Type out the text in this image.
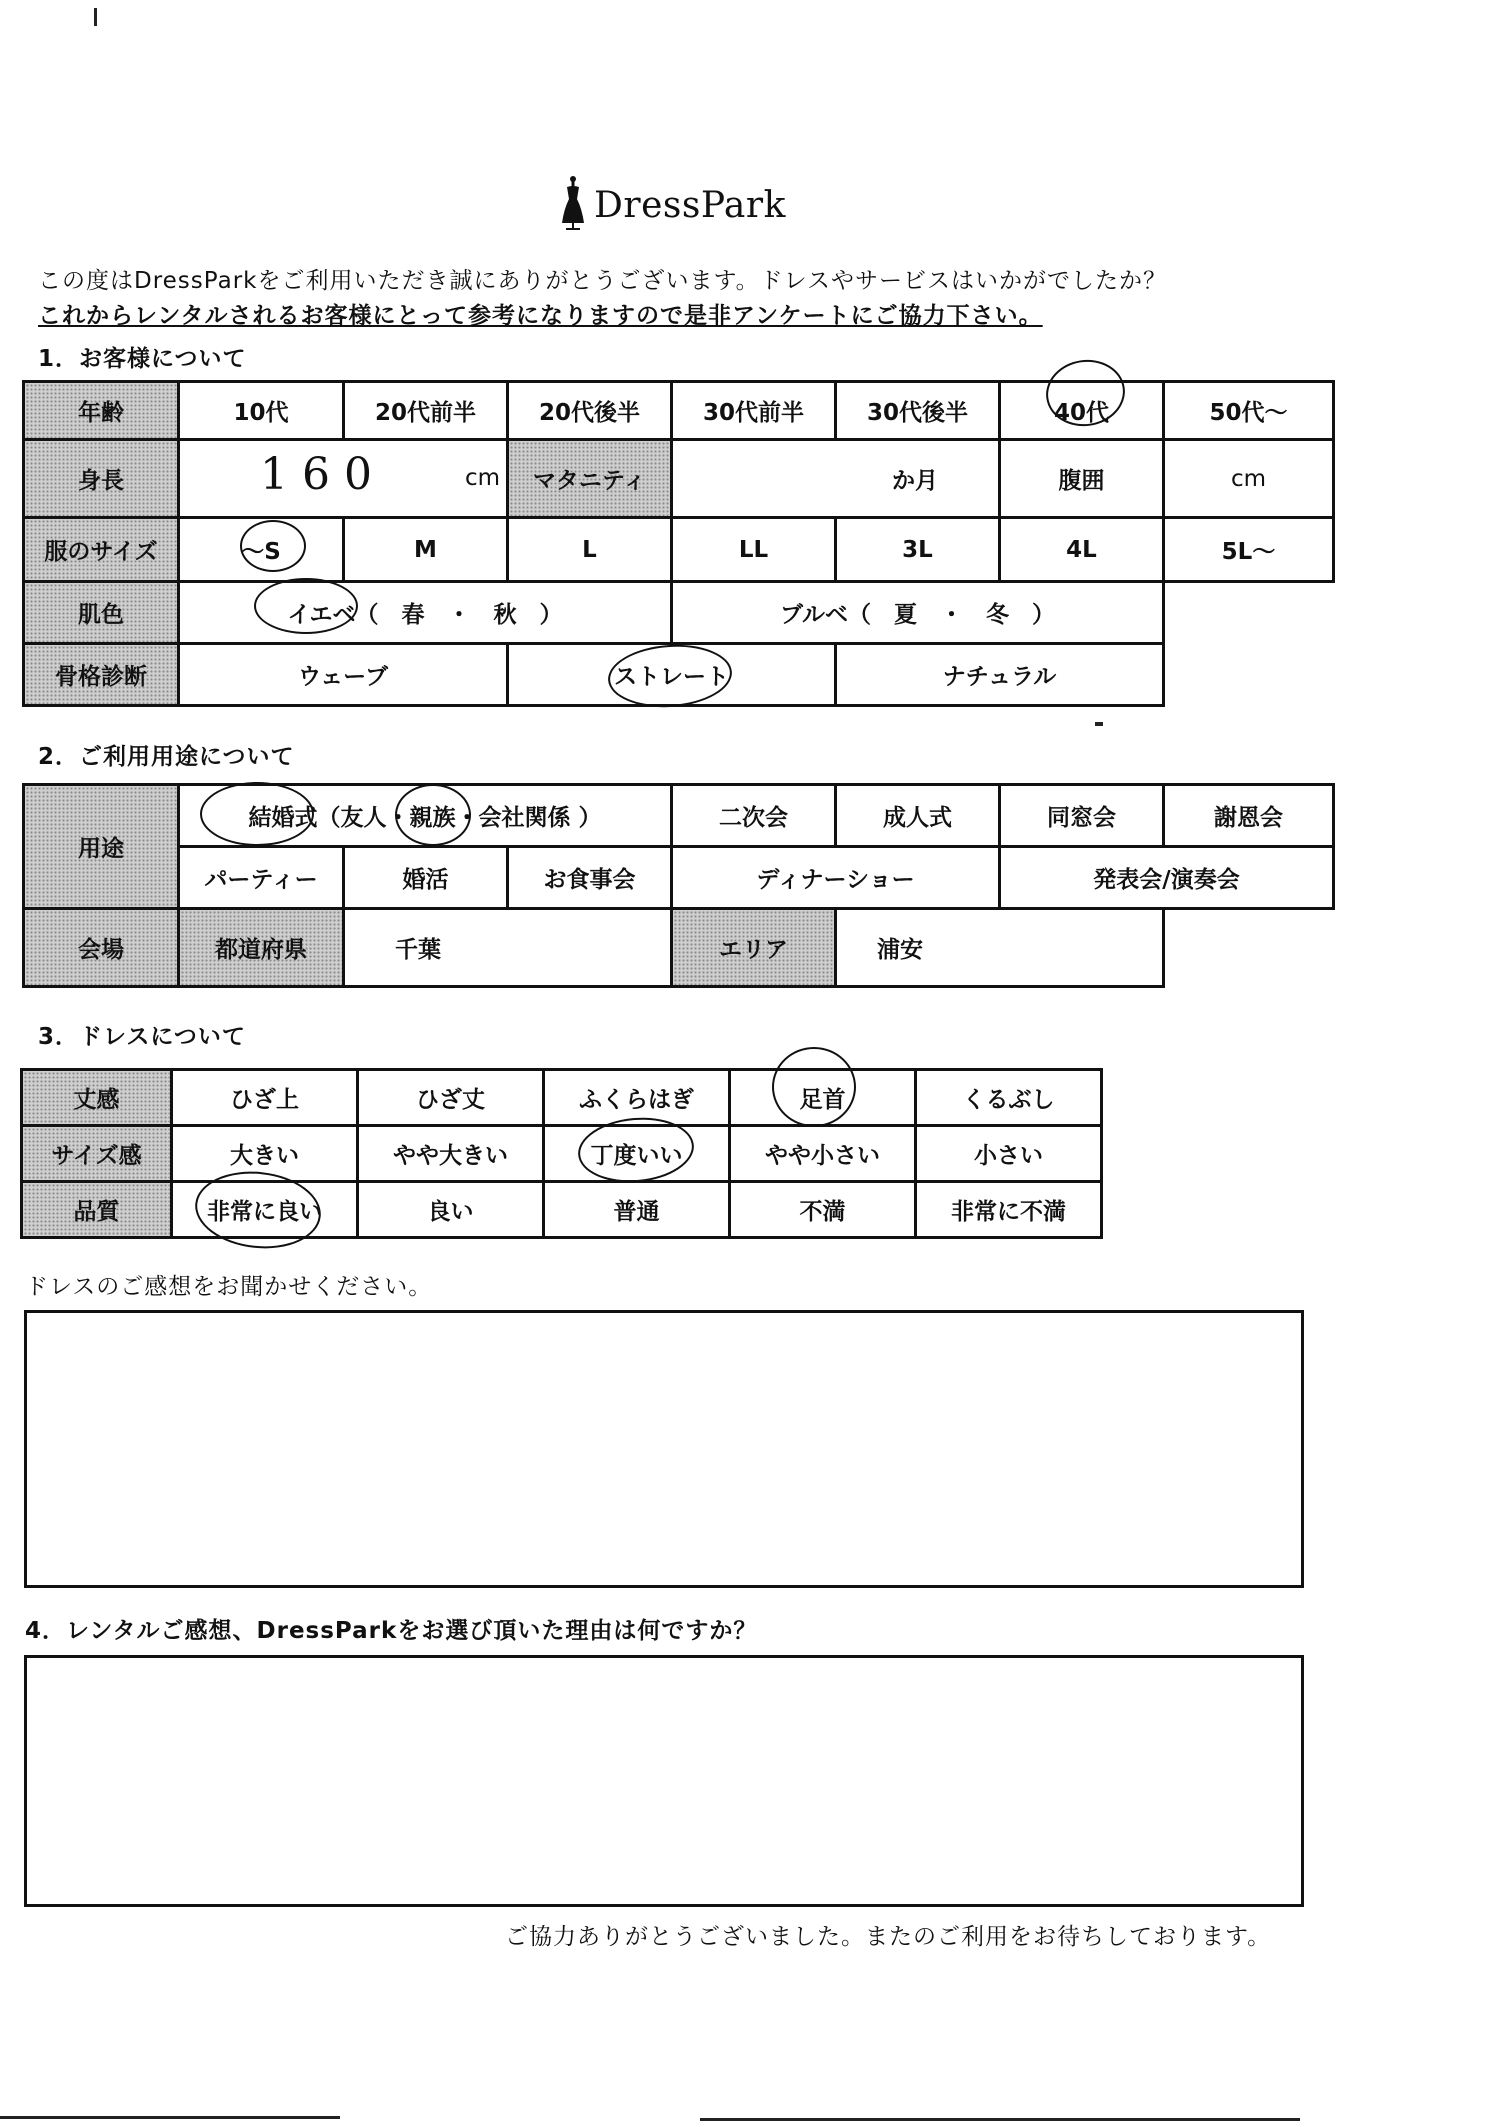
DressPark
この度はDressParkをご利用いただき誠にありがとうございます。ドレスやサービスはいかがでしたか？
これからレンタルされるお客様にとって参考になりますので是非アンケートにご協力下さい。
1．お客様について
年齢	10代	20代前半	20代後半	30代前半	30代後半	40代	50代～
身長	160 cm		マタニティ	か月		腹囲	cm
服のサイズ	～S	M	L	LL	3L	4L	5L～
肌色	イエベ（　春　・　秋　）			ブルベ（　夏　・　冬　）			
骨格診断	ウェーブ		ストレート		ナチュラル		
2．ご利用用途について
用途	結婚式（友人・親族・会社関係 ）			二次会	成人式	同窓会	謝恩会
	パーティー	婚活	お食事会	ディナーショー		発表会/演奏会	
会場	都道府県	千葉		エリア	浦安		
3．ドレスについて
丈感	ひざ上	ひざ丈	ふくらはぎ	足首	くるぶし
サイズ感	大きい	やや大きい	丁度いい	やや小さい	小さい
品質	非常に良い	良い	普通	不満	非常に不満
ドレスのご感想をお聞かせください。
4．レンタルご感想、DressParkをお選び頂いた理由は何ですか？
ご協力ありがとうございました。またのご利用をお待ちしております。
